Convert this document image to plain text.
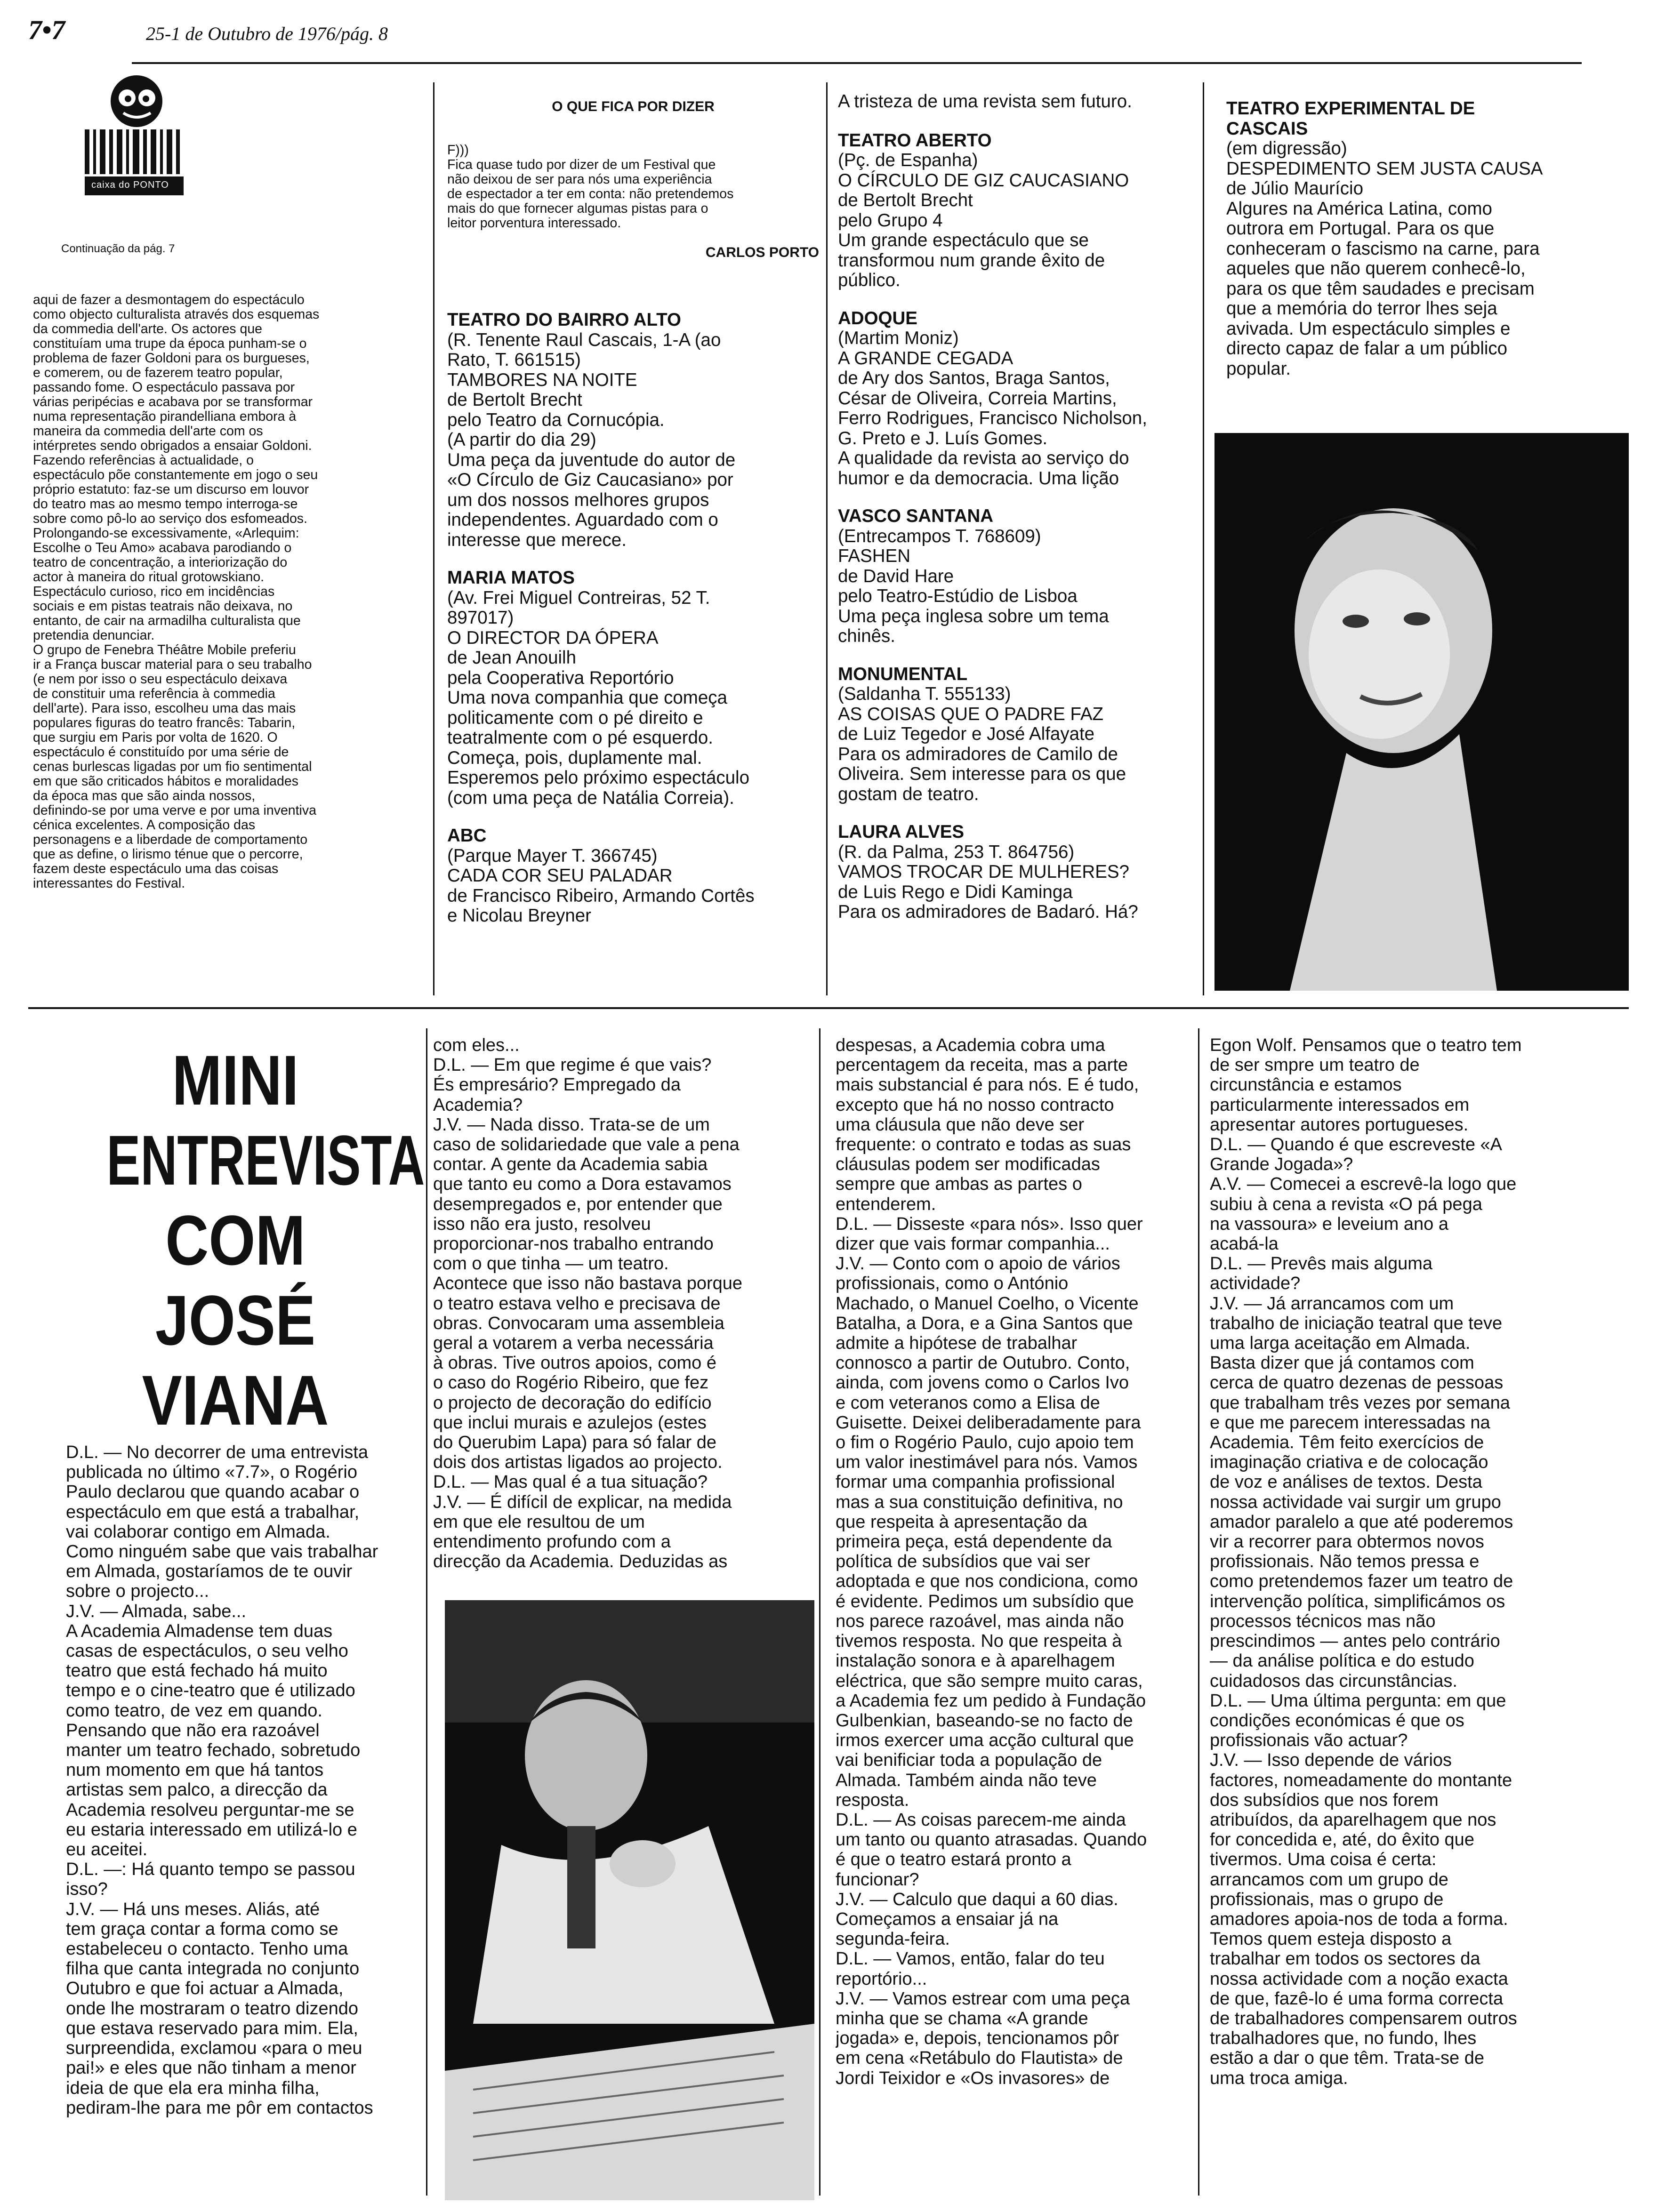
7•7	25-1 de Outubro de 1976/pág. 8
caixa do PONTO
Continuação da pág. 7

aqui de fazer a desmontagem do espectáculo
como objecto culturalista através dos esquemas
da commedia dell'arte. Os actores que
constituíam uma trupe da época punham-se o
problema de fazer Goldoni para os burgueses,
e comerem, ou de fazerem teatro popular,
passando fome. O espectáculo passava por
várias peripécias e acabava por se transformar
numa representação pirandelliana embora à
maneira da commedia dell'arte com os
intérpretes sendo obrigados a ensaiar Goldoni.
Fazendo referências à actualidade, o
espectáculo põe constantemente em jogo o seu
próprio estatuto: faz-se um discurso em louvor
do teatro mas ao mesmo tempo interroga-se
sobre como pô-lo ao serviço dos esfomeados.
Prolongando-se excessivamente, «Arlequim:
Escolhe o Teu Amo» acabava parodiando o
teatro de concentração, a interiorização do
actor à maneira do ritual grotowskiano.
Espectáculo curioso, rico em incidências
sociais e em pistas teatrais não deixava, no
entanto, de cair na armadilha culturalista que
pretendia denunciar.

O grupo de Fenebra Théâtre Mobile preferiu
ir a França buscar material para o seu trabalho
(e nem por isso o seu espectáculo deixava
de constituir uma referência à commedia
dell'arte). Para isso, escolheu uma das mais
populares figuras do teatro francês: Tabarin,
que surgiu em Paris por volta de 1620. O
espectáculo é constituído por uma série de
cenas burlescas ligadas por um fio sentimental
em que são criticados hábitos e moralidades
da época mas que são ainda nossos,
definindo-se por uma verve e por uma inventiva
cénica excelentes. A composição das
personagens e a liberdade de comportamento
que as define, o lirismo ténue que o percorre,
fazem deste espectáculo uma das coisas
interessantes do Festival.

O QUE FICA POR DIZER

F)))
Fica quase tudo por dizer de um Festival que
não deixou de ser para nós uma experiência
de espectador a ter em conta: não pretendemos
mais do que fornecer algumas pistas para o
leitor porventura interessado.

CARLOS PORTO
TEATRO DO BAIRRO ALTO

(R. Tenente Raul Cascais, 1-A (ao
Rato, T. 661515)
TAMBORES NA NOITE
de Bertolt Brecht
pelo Teatro da Cornucópia.
(A partir do dia 29)
Uma peça da juventude do autor de
«O Círculo de Giz Caucasiano» por
um dos nossos melhores grupos
independentes. Aguardado com o
interesse que merece.

MARIA MATOS

(Av. Frei Miguel Contreiras, 52 T.
897017)
O DIRECTOR DA ÓPERA
de Jean Anouilh
pela Cooperativa Reportório
Uma nova companhia que começa
politicamente com o pé direito e
teatralmente com o pé esquerdo.
Começa, pois, duplamente mal.
Esperemos pelo próximo espectáculo
(com uma peça de Natália Correia).

ABC

(Parque Mayer T. 366745)
CADA COR SEU PALADAR
de Francisco Ribeiro, Armando Cortês
e Nicolau Breyner

A tristeza de uma revista sem futuro.
TEATRO ABERTO

(Pç. de Espanha)
O CÍRCULO DE GIZ CAUCASIANO
de Bertolt Brecht
pelo Grupo 4
Um grande espectáculo que se
transformou num grande êxito de
público.

ADOQUE

(Martim Moniz)
A GRANDE CEGADA
de Ary dos Santos, Braga Santos,
César de Oliveira, Correia Martins,
Ferro Rodrigues, Francisco Nicholson,
G. Preto e J. Luís Gomes.
A qualidade da revista ao serviço do
humor e da democracia. Uma lição

VASCO SANTANA

(Entrecampos T. 768609)
FASHEN
de David Hare
pelo Teatro-Estúdio de Lisboa
Uma peça inglesa sobre um tema
chinês.

MONUMENTAL

(Saldanha T. 555133)
AS COISAS QUE O PADRE FAZ
de Luiz Tegedor e José Alfayate
Para os admiradores de Camilo de
Oliveira. Sem interesse para os que
gostam de teatro.

LAURA ALVES

(R. da Palma, 253 T. 864756)
VAMOS TROCAR DE MULHERES?
de Luis Rego e Didi Kaminga
Para os admiradores de Badaró. Há?

TEATRO EXPERIMENTAL DE
CASCAIS

(em digressão)
DESPEDIMENTO SEM JUSTA CAUSA
de Júlio Maurício
Algures na América Latina, como
outrora em Portugal. Para os que
conheceram o fascismo na carne, para
aqueles que não querem conhecê-lo,
para os que têm saudades e precisam
que a memória do terror lhes seja
avivada. Um espectáculo simples e
directo capaz de falar a um público
popular.

MINI
ENTREVISTA
COM
JOSÉ
VIANA

D.L. — No decorrer de uma entrevista
publicada no último «7.7», o Rogério
Paulo declarou que quando acabar o
espectáculo em que está a trabalhar,
vai colaborar contigo em Almada.
Como ninguém sabe que vais trabalhar
em Almada, gostaríamos de te ouvir
sobre o projecto...
J.V. — Almada, sabe...
A Academia Almadense tem duas
casas de espectáculos, o seu velho
teatro que está fechado há muito
tempo e o cine-teatro que é utilizado
como teatro, de vez em quando.
Pensando que não era razoável
manter um teatro fechado, sobretudo
num momento em que há tantos
artistas sem palco, a direcção da
Academia resolveu perguntar-me se
eu estaria interessado em utilizá-lo e
eu aceitei.
D.L. —: Há quanto tempo se passou
isso?
J.V. — Há uns meses. Aliás, até
tem graça contar a forma como se
estabeleceu o contacto. Tenho uma
filha que canta integrada no conjunto
Outubro e que foi actuar a Almada,
onde lhe mostraram o teatro dizendo
que estava reservado para mim. Ela,
surpreendida, exclamou «para o meu
pai!» e eles que não tinham a menor
ideia de que ela era minha filha,
pediram-lhe para me pôr em contactos

com eles...
D.L. — Em que regime é que vais?
És empresário? Empregado da
Academia?
J.V. — Nada disso. Trata-se de um
caso de solidariedade que vale a pena
contar. A gente da Academia sabia
que tanto eu como a Dora estavamos
desempregados e, por entender que
isso não era justo, resolveu
proporcionar-nos trabalho entrando
com o que tinha — um teatro.
Acontece que isso não bastava porque
o teatro estava velho e precisava de
obras. Convocaram uma assembleia
geral a votarem a verba necessária
à obras. Tive outros apoios, como é
o caso do Rogério Ribeiro, que fez
o projecto de decoração do edifício
que inclui murais e azulejos (estes
do Querubim Lapa) para só falar de
dois dos artistas ligados ao projecto.
D.L. — Mas qual é a tua situação?
J.V. — É difícil de explicar, na medida
em que ele resultou de um
entendimento profundo com a
direcção da Academia. Deduzidas as

despesas, a Academia cobra uma
percentagem da receita, mas a parte
mais substancial é para nós. E é tudo,
excepto que há no nosso contracto
uma cláusula que não deve ser
frequente: o contrato e todas as suas
cláusulas podem ser modificadas
sempre que ambas as partes o
entenderem.
D.L. — Disseste «para nós». Isso quer
dizer que vais formar companhia...
J.V. — Conto com o apoio de vários
profissionais, como o António
Machado, o Manuel Coelho, o Vicente
Batalha, a Dora, e a Gina Santos que
admite a hipótese de trabalhar
connosco a partir de Outubro. Conto,
ainda, com jovens como o Carlos Ivo
e com veteranos como a Elisa de
Guisette. Deixei deliberadamente para
o fim o Rogério Paulo, cujo apoio tem
um valor inestimável para nós. Vamos
formar uma companhia profissional
mas a sua constituição definitiva, no
que respeita à apresentação da
primeira peça, está dependente da
política de subsídios que vai ser
adoptada e que nos condiciona, como
é evidente. Pedimos um subsídio que
nos parece razoável, mas ainda não
tivemos resposta. No que respeita à
instalação sonora e à aparelhagem
eléctrica, que são sempre muito caras,
a Academia fez um pedido à Fundação
Gulbenkian, baseando-se no facto de
irmos exercer uma acção cultural que
vai benificiar toda a população de
Almada. Também ainda não teve
resposta.
D.L. — As coisas parecem-me ainda
um tanto ou quanto atrasadas. Quando
é que o teatro estará pronto a
funcionar?
J.V. — Calculo que daqui a 60 dias.
Começamos a ensaiar já na
segunda-feira.
D.L. — Vamos, então, falar do teu
reportório...
J.V. — Vamos estrear com uma peça
minha que se chama «A grande
jogada» e, depois, tencionamos pôr
em cena «Retábulo do Flautista» de
Jordi Teixidor e «Os invasores» de

Egon Wolf. Pensamos que o teatro tem
de ser smpre um teatro de
circunstância e estamos
particularmente interessados em
apresentar autores portugueses.
D.L. — Quando é que escreveste «A
Grande Jogada»?
A.V. — Comecei a escrevê-la logo que
subiu à cena a revista «O pá pega
na vassoura» e leveium ano a
acabá-la
D.L. — Prevês mais alguma
actividade?
J.V. — Já arrancamos com um
trabalho de iniciação teatral que teve
uma larga aceitação em Almada.
Basta dizer que já contamos com
cerca de quatro dezenas de pessoas
que trabalham três vezes por semana
e que me parecem interessadas na
Academia. Têm feito exercícios de
imaginação criativa e de colocação
de voz e análises de textos. Desta
nossa actividade vai surgir um grupo
amador paralelo a que até poderemos
vir a recorrer para obtermos novos
profissionais. Não temos pressa e
como pretendemos fazer um teatro de
intervenção política, simplificámos os
processos técnicos mas não
prescindimos — antes pelo contrário
— da análise política e do estudo
cuidadosos das circunstâncias.
D.L. — Uma última pergunta: em que
condições económicas é que os
profissionais vão actuar?
J.V. — Isso depende de vários
factores, nomeadamente do montante
dos subsídios que nos forem
atribuídos, da aparelhagem que nos
for concedida e, até, do êxito que
tivermos. Uma coisa é certa:
arrancamos com um grupo de
profissionais, mas o grupo de
amadores apoia-nos de toda a forma.
Temos quem esteja disposto a
trabalhar em todos os sectores da
nossa actividade com a noção exacta
de que, fazê-lo é uma forma correcta
de trabalhadores compensarem outros
trabalhadores que, no fundo, lhes
estão a dar o que têm. Trata-se de
uma troca amiga.
